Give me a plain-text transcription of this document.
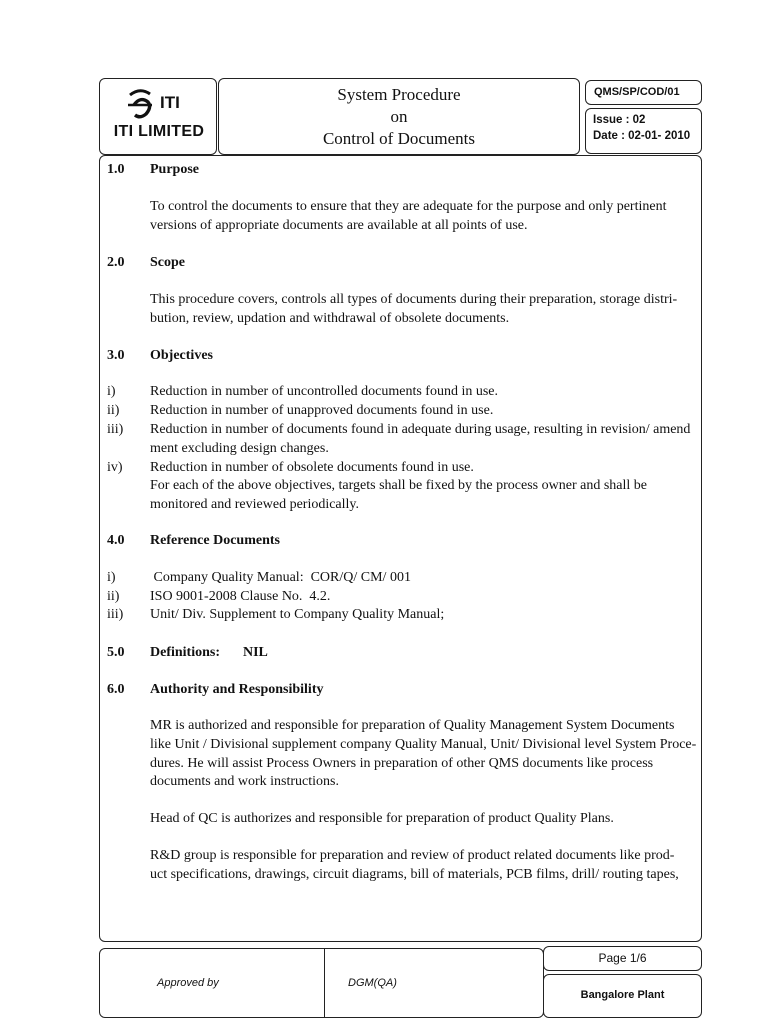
ITI
ITI LIMITED
System Procedure
on
Control of Documents
QMS/SP/COD/01
Issue : 02
Date : 02-01- 2010
1.0 Purpose
To control the documents to ensure that they are adequate for the purpose and only pertinent
versions of appropriate documents are available at all points of use.
2.0 Scope
This procedure covers, controls all types of documents during their preparation, storage distri-
bution, review, updation and withdrawal of obsolete documents.
3.0 Objectives
i) Reduction in number of uncontrolled documents found in use.
ii) Reduction in number of unapproved documents found in use.
iii) Reduction in number of documents found in adequate during usage, resulting in revision/ amend
ment excluding design changes.
iv) Reduction in number of obsolete documents found in use.
For each of the above objectives, targets shall be fixed by the process owner and shall be
monitored and reviewed periodically.
4.0 Reference Documents
i) Company Quality Manual:  COR/Q/ CM/ 001
ii) ISO 9001-2008 Clause No.  4.2.
iii) Unit/ Div. Supplement to Company Quality Manual;
5.0 Definitions: NIL
6.0 Authority and Responsibility
MR is authorized and responsible for preparation of Quality Management System Documents
like Unit / Divisional supplement company Quality Manual, Unit/ Divisional level System Proce-
dures. He will assist Process Owners in preparation of other QMS documents like process
documents and work instructions.
Head of QC is authorizes and responsible for preparation of product Quality Plans.
R&D group is responsible for preparation and review of product related documents like prod-
uct specifications, drawings, circuit diagrams, bill of materials, PCB films, drill/ routing tapes,
Approved by	DGM(QA)
Page 1/6
Bangalore Plant
